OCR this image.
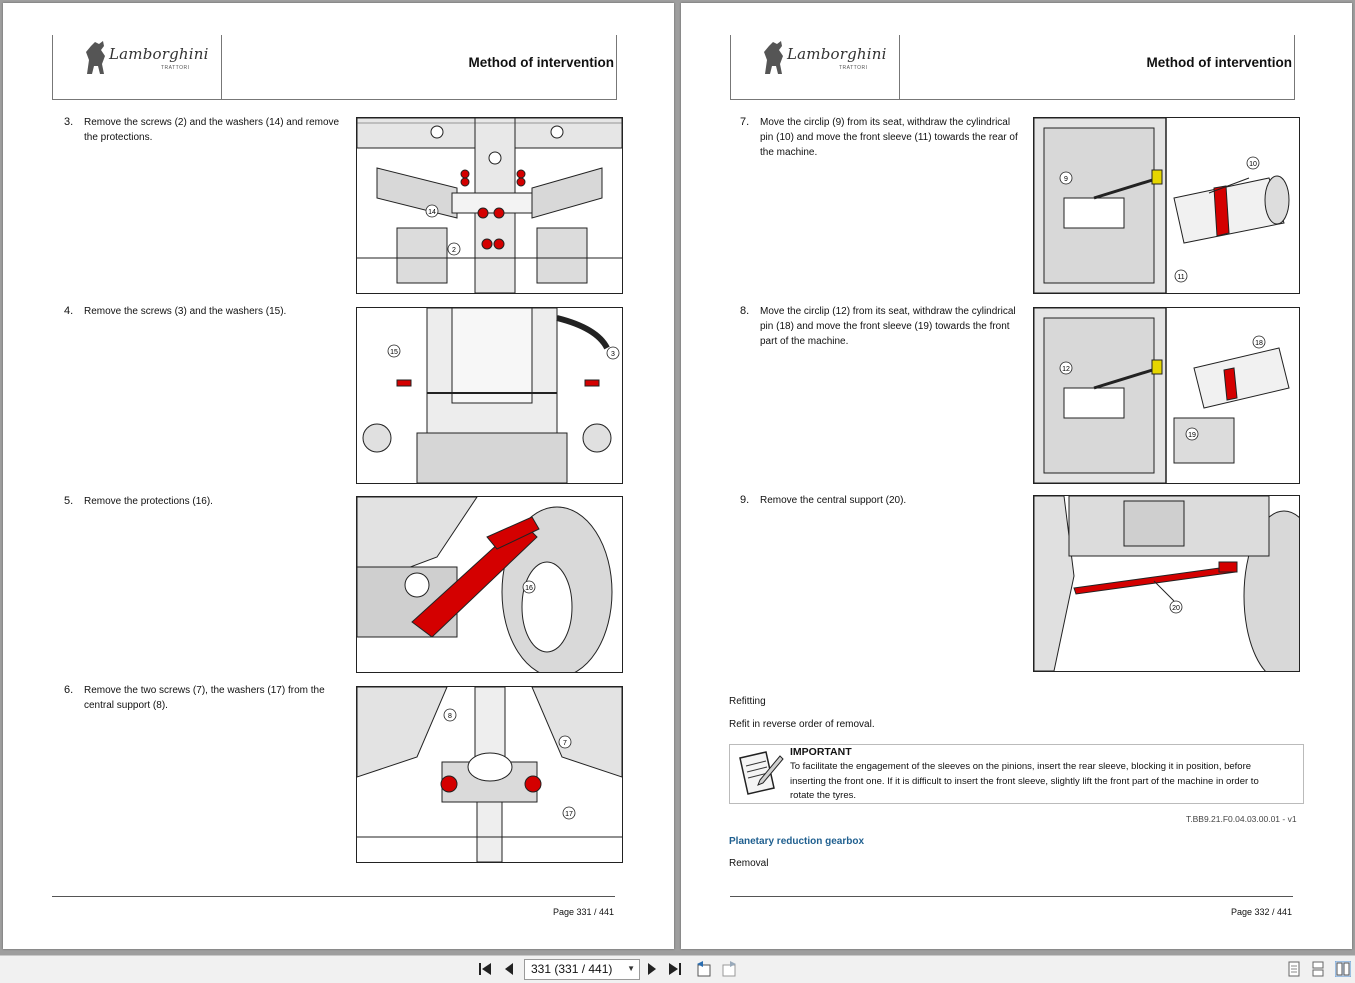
Lamborghini
TRATTORI	Method of intervention
3.	Remove the screws (2) and the washers (14) and remove
the protections.
14
2
4.	Remove the screws (3) and the washers (15).
15	3
5.	Remove the protections (16).
16
6.	Remove the two screws (7), the washers (17) from the
central support (8).
8
7
17
Page 331 / 441
Lamborghini
TRATTORI	Method of intervention
7.	Move the circlip (9) from its seat, withdraw the cylindrical
pin (10) and move the front sleeve (11) towards the rear of
the machine.
9
10
11
8.	Move the circlip (12) from its seat, withdraw the cylindrical
pin (18) and move the front sleeve (19) towards the front
part of the machine.
12
18
19
9.	Remove the central support (20).
20
Refitting
Refit in reverse order of removal.
IMPORTANT
To facilitate the engagement of the sleeves on the pinions, insert the rear sleeve, blocking it in position, before
inserting the front one. If it is difficult to insert the front sleeve, slightly lift the front part of the machine in order to
rotate the tyres.
T.BB9.21.F0.04.03.00.01 - v1
Planetary reduction gearbox
Removal
Page 332 / 441
331 (331 / 441) ▼
